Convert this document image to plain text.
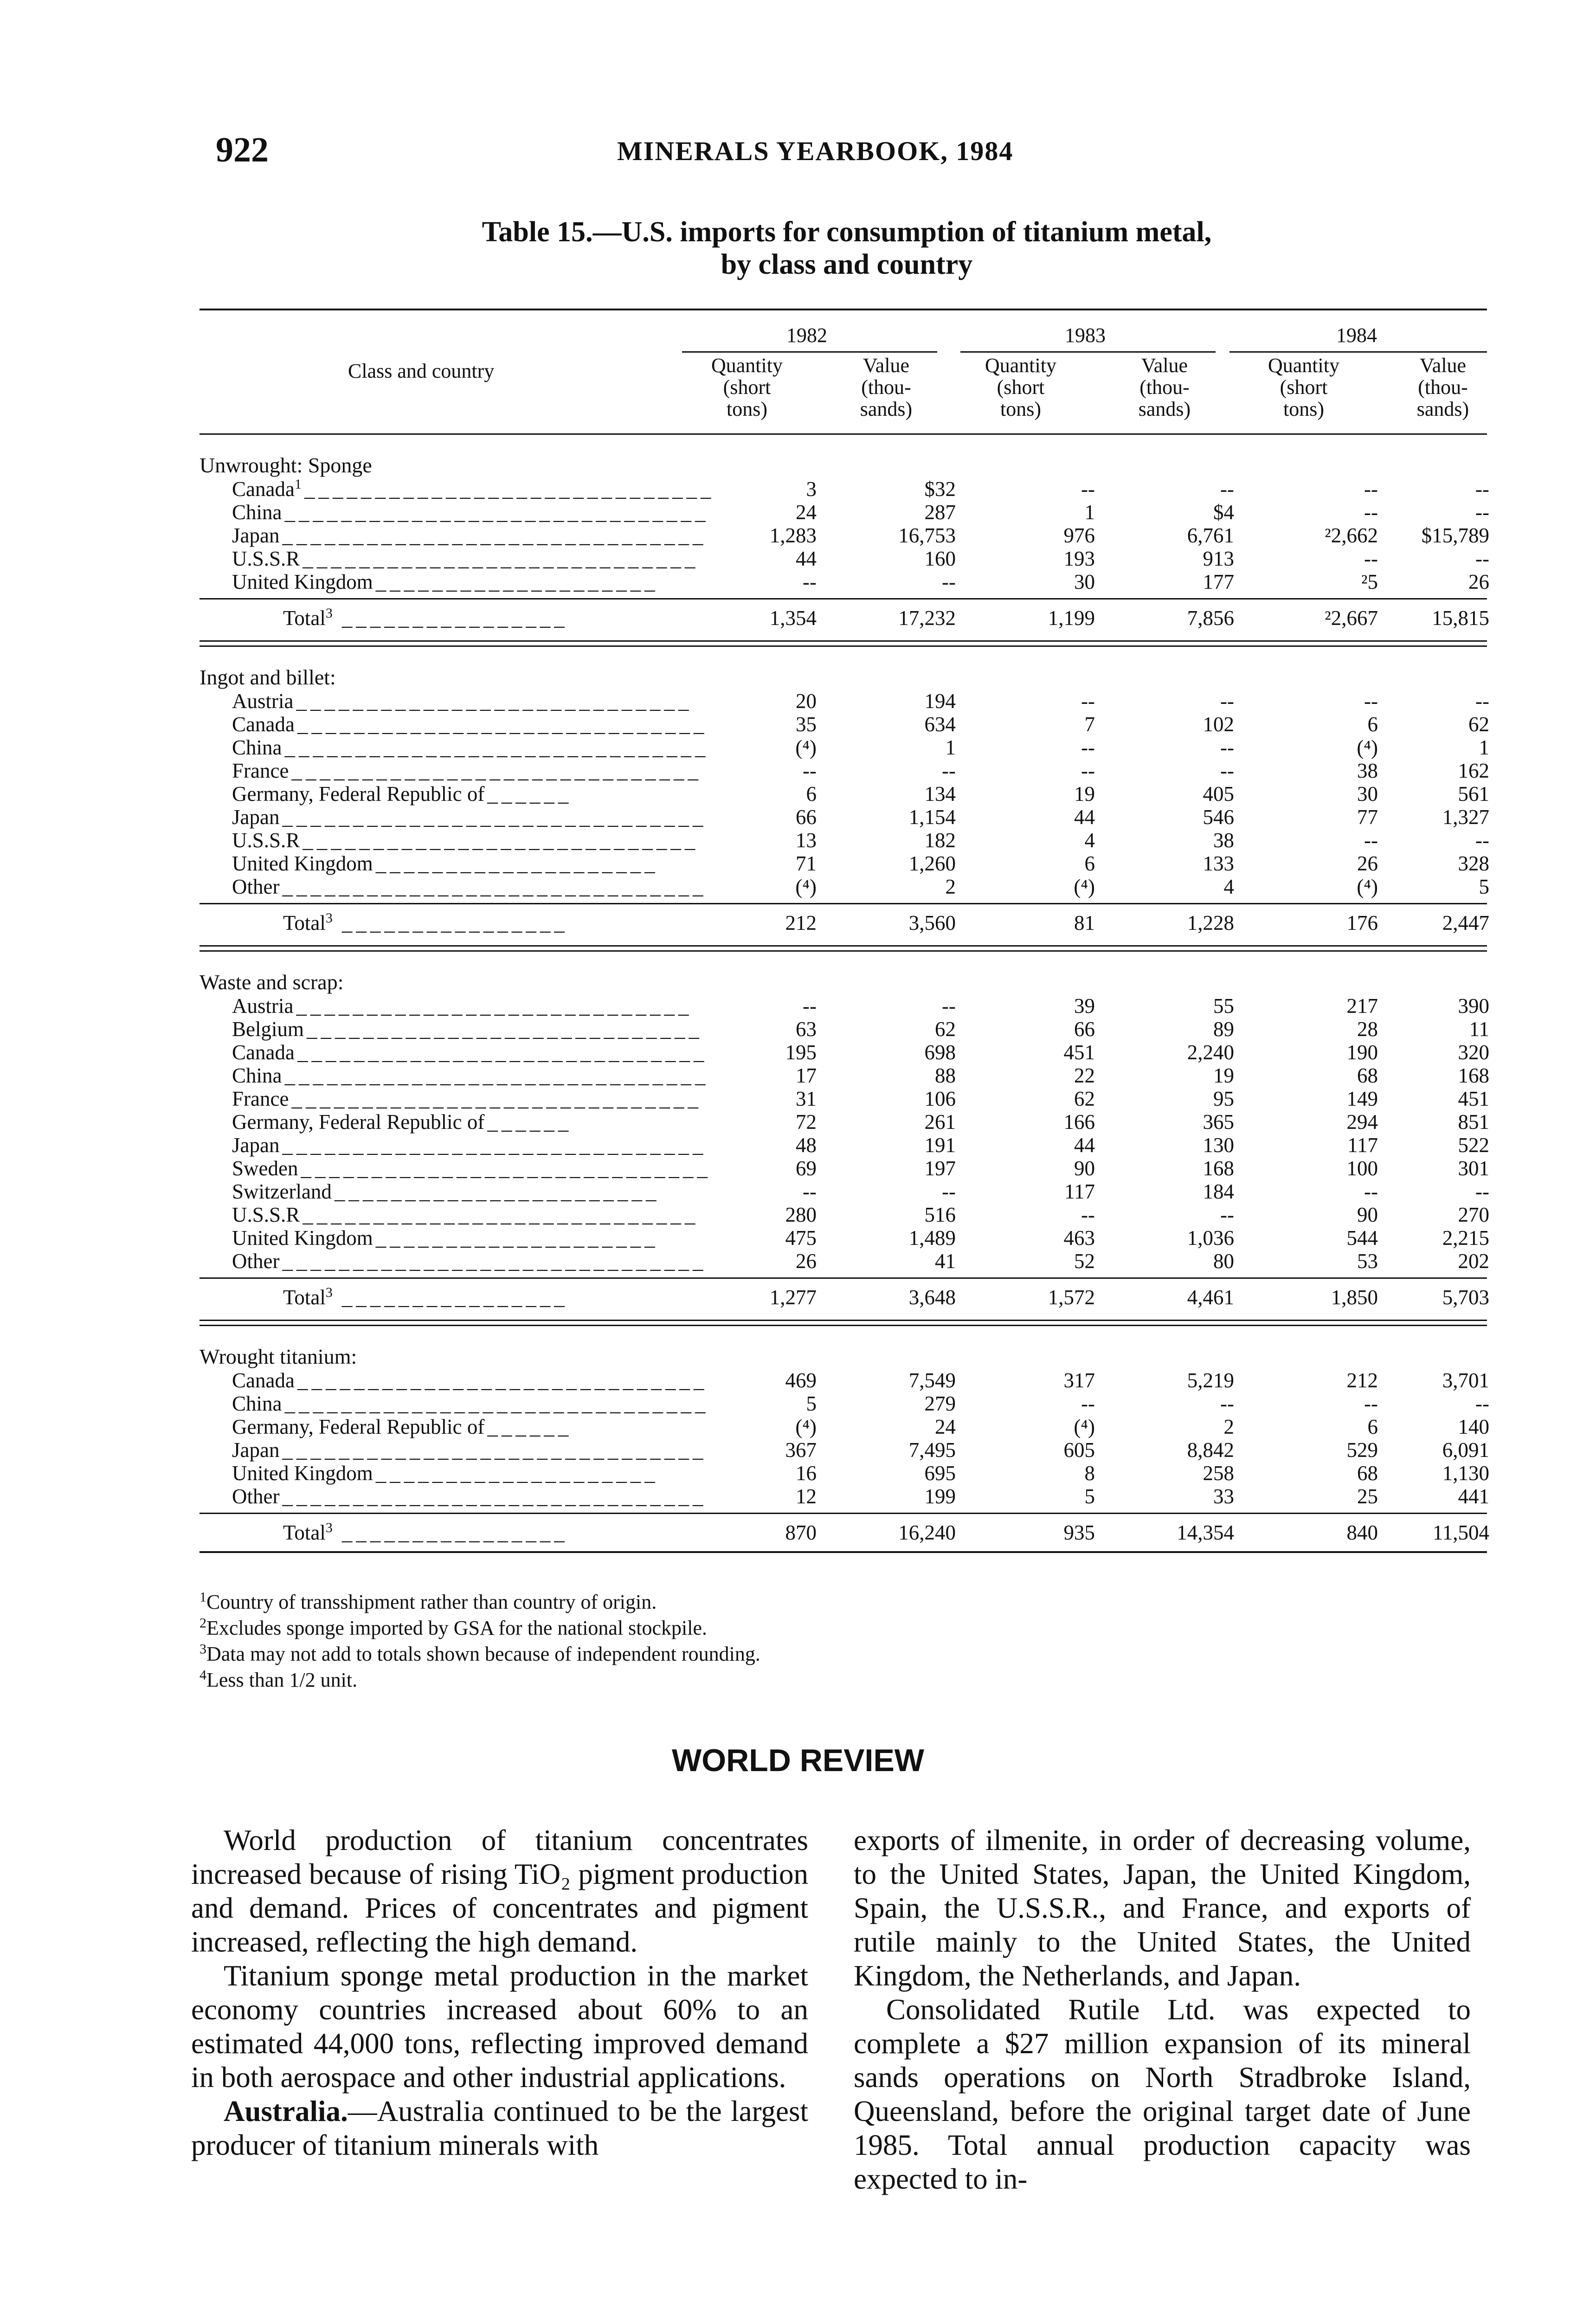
922	MINERALS YEARBOOK, 1984
Table 15.—U.S. imports for consumption of titanium metal,
by class and country
1982	1983	1984
Class and country	Quantity
(short
tons)
Value
(thou-
sands)
Quantity
(short
tons)
Value
(thou-
sands)
Quantity
(short
tons)
Value
(thou-
sands)
Unwrought: Sponge
Canada$^1$ _____________________________	3	$32	--	--	--	--
China ______________________________	24	287	1	$4	--	--
Japan ______________________________	1,283	16,753	976	6,761	²2,662 $15,789
U.S.S.R ____________________________	44	160	193	913	--	--
United Kingdom ____________________	--	--	30	177	²5	26
Total$^3$ ________________	1,354	17,232	1,199	7,856	²2,667	15,815
Ingot and billet:
Austria ____________________________	20	194	--	--	--	--
Canada _____________________________	35	634	7	102	6	62
China ______________________________	(⁴)	1	--	--	(⁴)	1
France _____________________________	--	--	--	--	38	162
Germany, Federal Republic of ______	6	134	19	405	30	561
Japan ______________________________	66	1,154	44	546	77	1,327
U.S.S.R ____________________________	13	182	4	38	--	--
United Kingdom ____________________	71	1,260	6	133	26	328
Other ______________________________	(⁴)	2	(⁴)	4	(⁴)	5
Total$^3$ ________________	212	3,560	81	1,228	176	2,447
Waste and scrap:
Austria ____________________________	--	--	39	55	217	390
Belgium ____________________________	63	62	66	89	28	11
Canada _____________________________	195	698	451	2,240	190	320
China ______________________________	17	88	22	19	68	168
France _____________________________	31	106	62	95	149	451
Germany, Federal Republic of ______	72	261	166	365	294	851
Japan ______________________________	48	191	44	130	117	522
Sweden _____________________________	69	197	90	168	100	301
Switzerland _______________________	--	--	117	184	--	--
U.S.S.R ____________________________	280	516	--	--	90	270
United Kingdom ____________________	475	1,489	463	1,036	544	2,215
Other ______________________________	26	41	52	80	53	202
Total$^3$ ________________	1,277	3,648	1,572	4,461	1,850	5,703
Wrought titanium:
Canada _____________________________	469	7,549	317	5,219	212	3,701
China ______________________________	5	279	--	--	--	--
Germany, Federal Republic of ______	(⁴)	24	(⁴)	2	6	140
Japan ______________________________	367	7,495	605	8,842	529	6,091
United Kingdom ____________________	16	695	8	258	68	1,130
Other ______________________________	12	199	5	33	25	441
Total$^3$ ________________	870	16,240	935	14,354	840	11,504
$^1$Country of transshipment rather than country of origin.
$^2$Excludes sponge imported by GSA for the national stockpile.
$^3$Data may not add to totals shown because of independent rounding.
$^4$Less than 1/2 unit.
WORLD REVIEW

World production of titanium concentrates increased because of rising TiO₂ pigment production and demand. Prices of concentrates and pigment increased, reflecting the high demand.

Titanium sponge metal production in the market economy countries increased about 60% to an estimated 44,000 tons, reflecting improved demand in both aerospace and other industrial applications.

Australia.—Australia continued to be the largest producer of titanium minerals with

exports of ilmenite, in order of decreasing volume, to the United States, Japan, the United Kingdom, Spain, the U.S.S.R., and France, and exports of rutile mainly to the United States, the United Kingdom, the Netherlands, and Japan.

Consolidated Rutile Ltd. was expected to complete a $27 million expansion of its mineral sands operations on North Stradbroke Island, Queensland, before the original target date of June 1985. Total annual production capacity was expected to in-
